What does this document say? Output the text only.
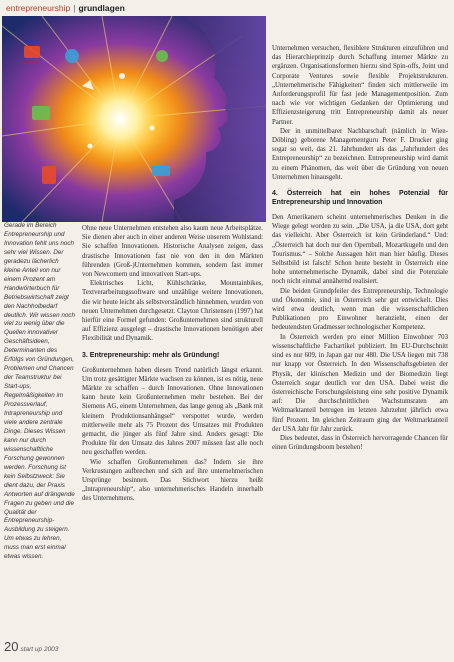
entrepreneurship | grundlagen
Gerade im Bereich Entrepreneurship und Innovation fehlt uns noch sehr viel Wissen. Der geradezu lächerlich kleine Anteil von nur einem Prozent am Handwörterbuch für Betriebswirtschaft zeigt den Nachholbedarf deutlich. Wir wissen noch viel zu wenig über die Quellen innovativer Geschäftsideen, Determinanten des Erfolgs von Gründungen, Problemen und Chancen der Teamstruktur bei Start-ups, Regelmäßigkeiten im Prozessverlauf, Intrapreneurship und viele andere zentrale Dinge. Dieses Wissen kann nur durch wissenschaftliche Forschung gewonnen werden. Forschung ist kein Selbstzweck: Sie dient dazu, der Praxis Antworten auf drängende Fragen zu geben und die Qualität der Entrepreneurship-Ausbildung zu steigern. Um etwas zu lehren, muss man erst einmal etwas wissen.

Ohne neue Unternehmen entstehen also kaum neue Arbeitsplätze. Sie dienen aber auch in einer anderen Weise unserem Wohlstand: Sie schaffen Innovationen. Historische Analysen zeigen, dass drastische Innovationen fast nie von den in den Märkten führenden (Groß-)Unternehmen kommen, sondern fast immer von Newcomern und innovativen Start-ups.

Elektrisches Licht, Kühlschränke, Mountainbikes, Textverarbeitungssoftware und unzählige weitere Innovationen, die wir heute leicht als selbstverständlich hinnehmen, wurden von neuen Unternehmen durchgesetzt. Clayton Christensen (1997) hat hierfür eine Formel gefunden: Großunternehmen sind strukturell auf Effizienz ausgelegt – drastische Innovationen benötigen aber Flexibilität und Dynamik.

3. Entrepreneurship: mehr als Gründung!

Großunternehmen haben diesen Trend natürlich längst erkannt. Um trotz gesättigter Märkte wachsen zu können, ist es nötig, neue Märkte zu schaffen – durch Innovationen. Ohne Innovationen kann heute kein Großunternehmen mehr bestehen. Bei der Siemens AG, einem Unternehmen, das lange genug als „Bank mit kleinem Produktionsanhängsel“ verspottet wurde, werden mittlerweile mehr als 75 Prozent des Umsatzes mit Produkten gemacht, die jünger als fünf Jahre sind. Anders gesagt: Die Produkte für den Umsatz des Jahres 2007 müssen fast alle noch neu geschaffen werden.

Wie schaffen Großunternehmen das? Indem sie ihre Verkrustungen aufbrechen und sich auf ihre unternehmerischen Ursprünge besinnen. Das Stichwort hierzu heißt „Intrapreneurship“, also unternehmerisches Handeln innerhalb des Unternehmens.

Unternehmen versuchen, flexiblere Strukturen einzuführen und das Hierarchieprinzip durch Schaffung interner Märkte zu ergänzen. Organisationsformen hierzu sind Spin-offs, Joint und Corporate Ventures sowie flexible Projektstrukturen. „Unternehmerische Fähigkeiten“ finden sich mittlerweile im Anforderungsprofil für fast jede Managementposition. Zum nach wie vor wichtigen Gedanken der Optimierung und Effizienzsteigerung tritt Entrepreneurship damit als neuer Partner.

Der in unmittelbarer Nachbarschaft (nämlich in Wien-Döbling) geborene Managementguru Peter F. Drucker ging sogar so weit, das 21. Jahrhundert als das „Jahrhundert des Entrepreneurship“ zu bezeichnen. Entrepreneurship wird damit zu einem Phänomen, das weit über die Gründung von neuen Unternehmen hinausgeht.

4. Österreich hat ein hohes Potenzial für Entrepreneurship und Innovation

Den Amerikanern scheint unternehmerisches Denken in die Wiege gelegt worden zu sein. „Die USA, ja die USA, dort geht das vielleicht. Aber Österreich ist kein Gründerland.“ Und: „Österreich hat doch nur den Opernball, Mozartkugeln und den Tourismus.“ – Solche Aussagen hört man hier häufig. Dieses Selbstbild ist falsch! Schon heute besteht in Österreich eine hohe unternehmerische Dynamik, dabei sind die Potenziale noch nicht einmal annähernd realisiert.

Die beiden Grundpfeiler des Entrepreneurship, Technologie und Ökonomie, sind in Österreich sehr gut entwickelt. Dies wird etwa deutlich, wenn man die wissenschaftlichen Publikationen pro Einwohner heranzieht, einen der bedeutendsten Gradmesser technologischer Kompetenz.

In Österreich werden pro einer Million Einwohner 703 wissenschaftliche Fachartikel publiziert. Im EU-Durchschnitt sind es nur 609, in Japan gar nur 480. Die USA liegen mit 738 nur knapp vor Österreich. In den Wissenschaftsgebieten der Physik, der klinischen Medizin und der Biomedizin liegt Österreich sogar deutlich vor den USA. Dabei weist die österreichische Forschungsleistung eine sehr positive Dynamik auf: Die durchschnittlichen Wachstumsraten am Weltmarktanteil betrugen im letzten Jahrzehnt jährlich etwa fünf Prozent. Im gleichen Zeitraum ging der Weltmarktanteil der USA Jahr für Jahr zurück.

Dies bedeutet, dass in Österreich hervorragende Chancen für einen Gründungsboom bestehen!

20 start up 2003
